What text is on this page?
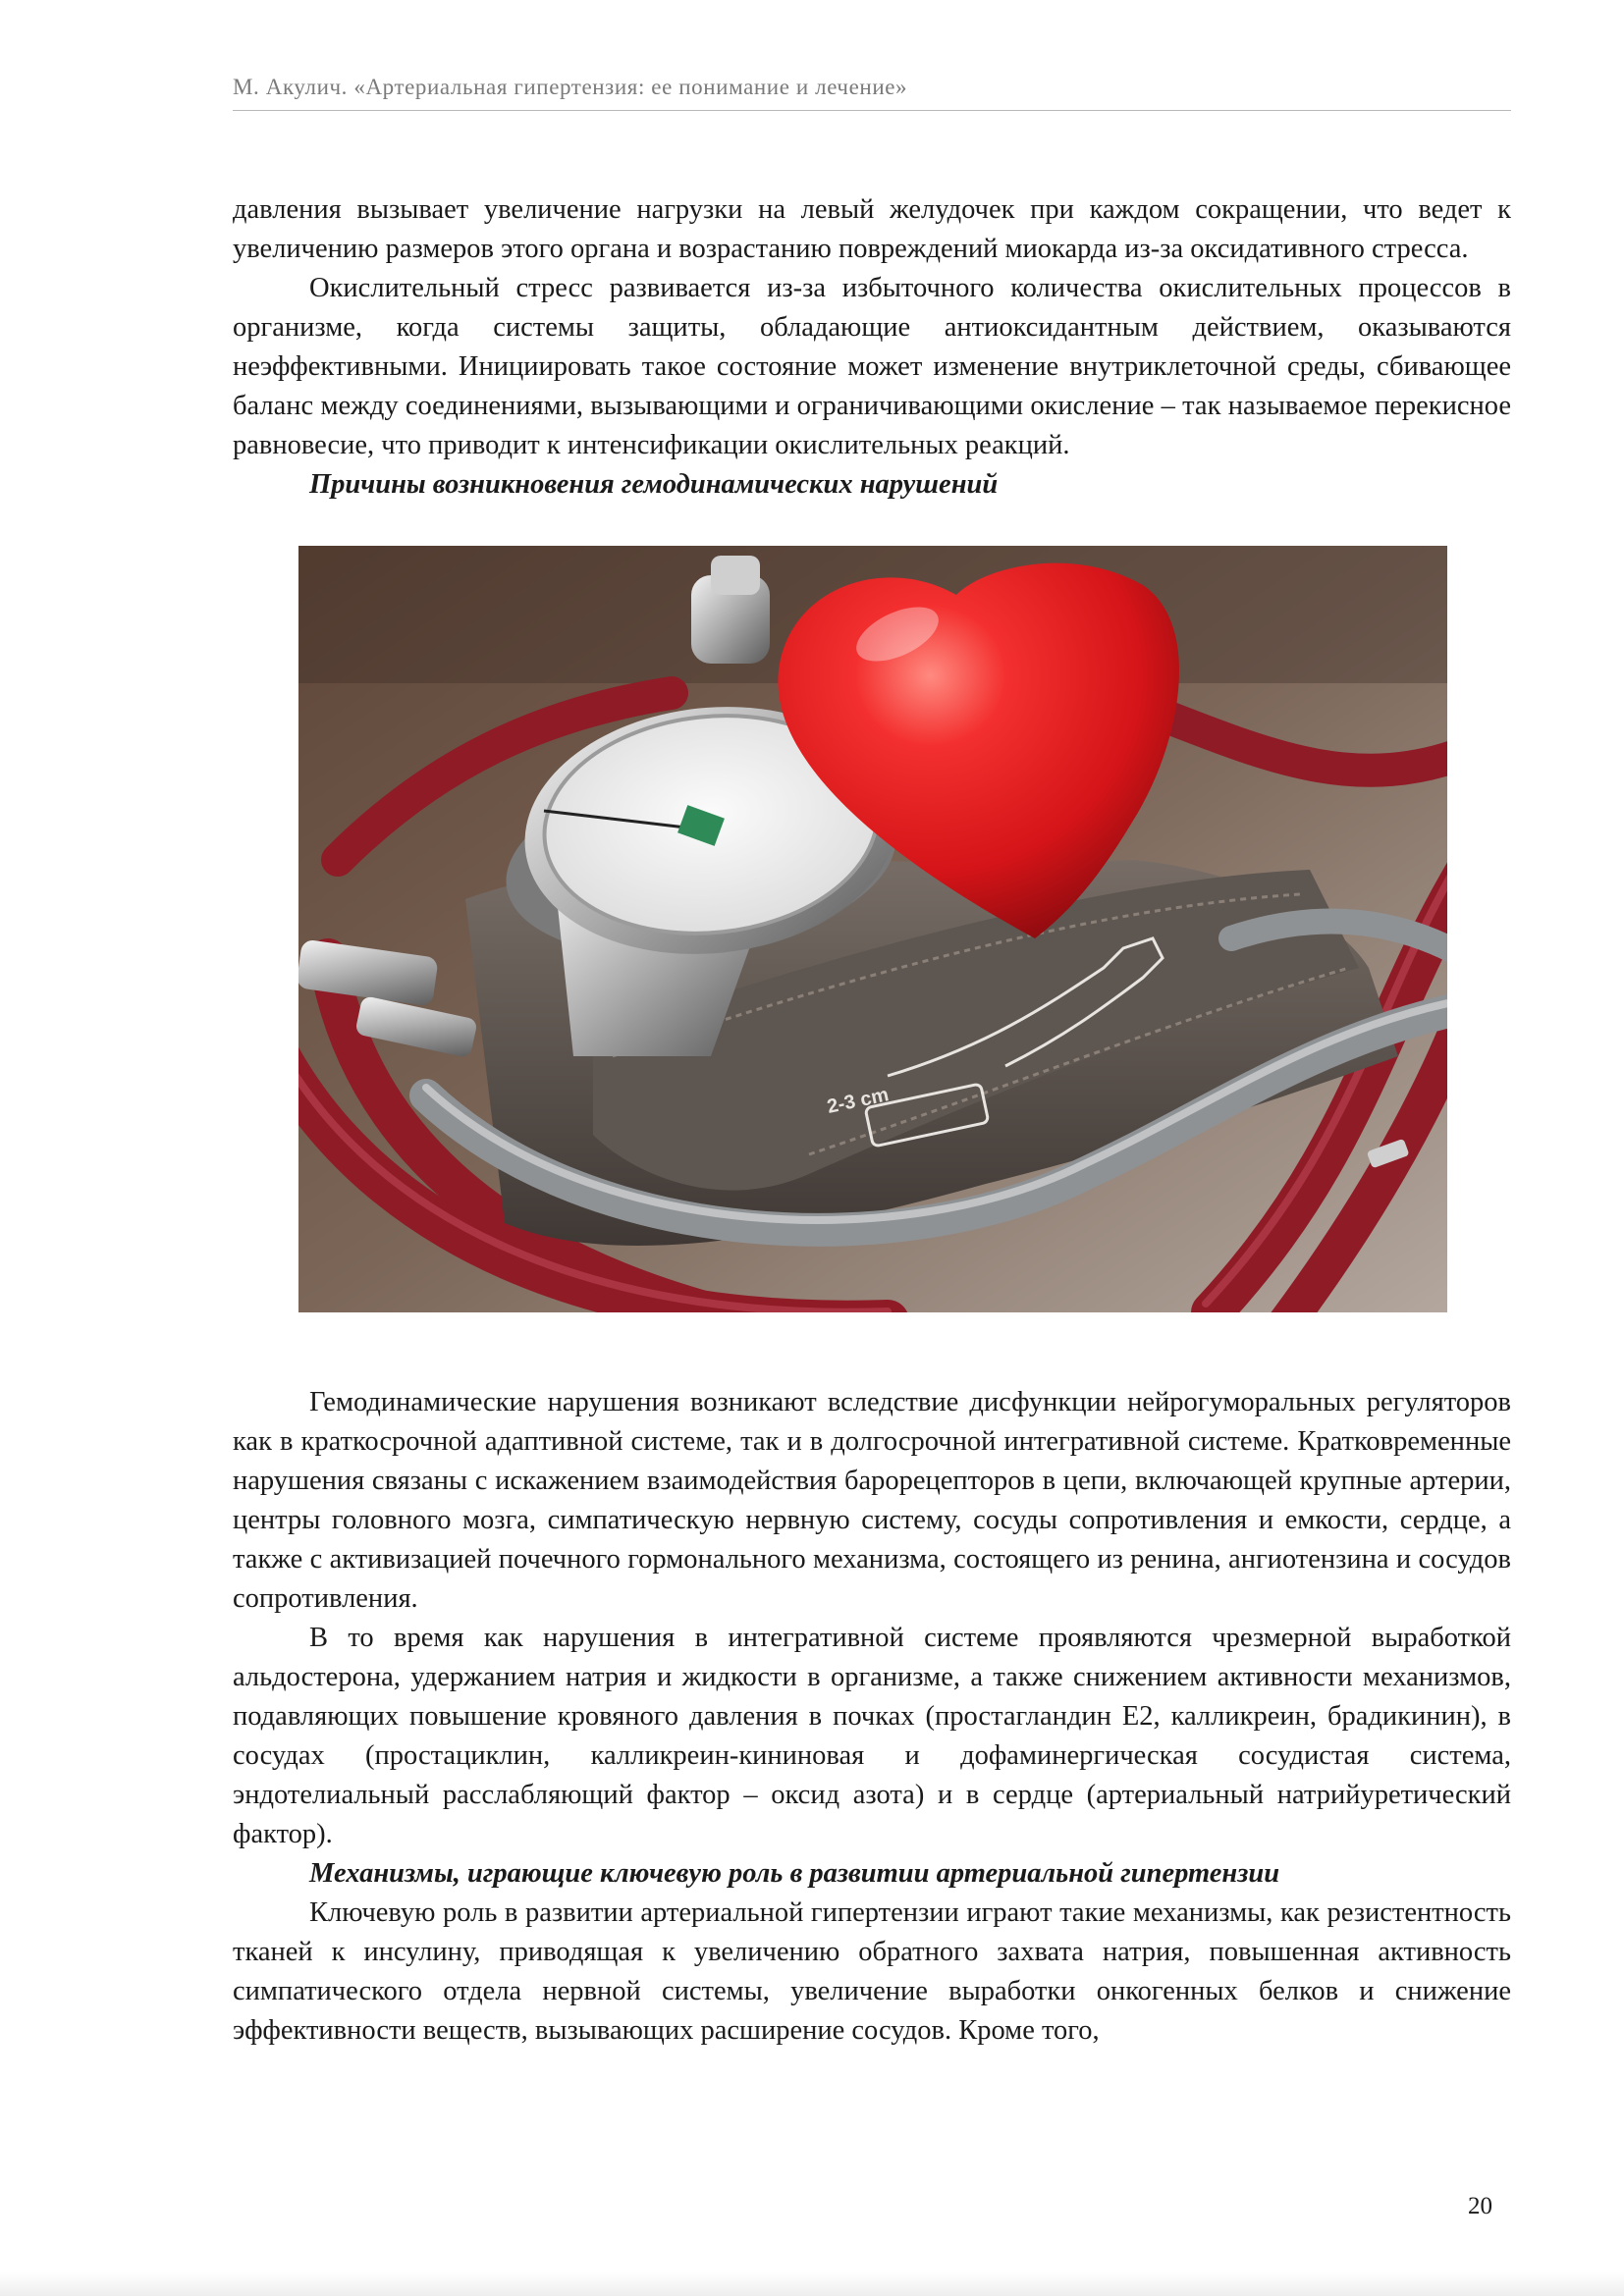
М. Акулич. «Артериальная гипертензия: ее понимание и лечение»

давления вызывает увеличение нагрузки на левый желудочек при каждом сокращении, что ведет к увеличению размеров этого органа и возрастанию повреждений миокарда из-за оксидативного стресса.

Окислительный стресс развивается из-за избыточного количества окислительных процессов в организме, когда системы защиты, обладающие антиоксидантным действием, оказываются неэффективными. Инициировать такое состояние может изменение внутриклеточной среды, сбивающее баланс между соединениями, вызывающими и ограничивающими окисление – так называемое перекисное равновесие, что приводит к интенсификации окислительных реакций.

Причины возникновения гемодинамических нарушений

2-3 cm

Гемодинамические нарушения возникают вследствие дисфункции нейрогуморальных регуляторов как в краткосрочной адаптивной системе, так и в долгосрочной интегративной системе. Кратковременные нарушения связаны с искажением взаимодействия барорецепторов в цепи, включающей крупные артерии, центры головного мозга, симпатическую нервную систему, сосуды сопротивления и емкости, сердце, а также с активизацией почечного гормонального механизма, состоящего из ренина, ангиотензина и сосудов сопротивления.

В то время как нарушения в интегративной системе проявляются чрезмерной выработкой альдостерона, удержанием натрия и жидкости в организме, а также снижением активности механизмов, подавляющих повышение кровяного давления в почках (простагландин E2, калликреин, брадикинин), в сосудах (простациклин, калликреин-кининовая и дофаминергическая сосудистая система, эндотелиальный расслабляющий фактор – оксид азота) и в сердце (артериальный натрийуретический фактор).

Механизмы, играющие ключевую роль в развитии артериальной гипертензии

Ключевую роль в развитии артериальной гипертензии играют такие механизмы, как резистентность тканей к инсулину, приводящая к увеличению обратного захвата натрия, повышенная активность симпатического отдела нервной системы, увеличение выработки онкогенных белков и снижение эффективности веществ, вызывающих расширение сосудов. Кроме того,

20
